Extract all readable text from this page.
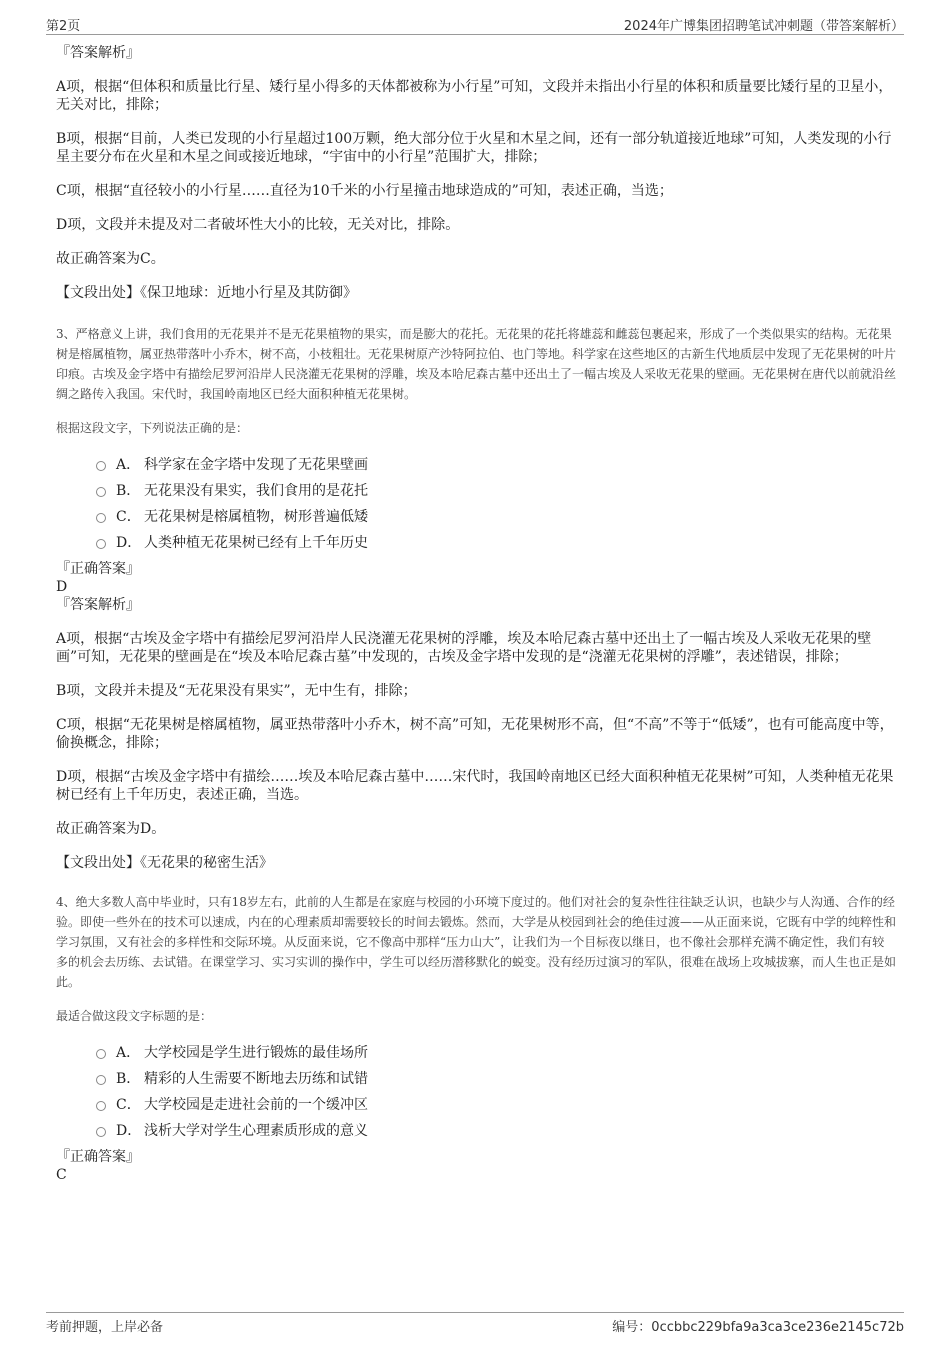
第2页	2024年广博集团招聘笔试冲刺题（带答案解析）

『答案解析』

A项，根据“但体积和质量比行星、矮行星小得多的天体都被称为小行星”可知，文段并未指出小行星的体积和质量要比矮行星的卫星小，无关对比，排除；

B项，根据“目前，人类已发现的小行星超过100万颗，绝大部分位于火星和木星之间，还有一部分轨道接近地球”可知，人类发现的小行星主要分布在火星和木星之间或接近地球，“宇宙中的小行星”范围扩大，排除；

C项，根据“直径较小的小行星……直径为10千米的小行星撞击地球造成的”可知，表述正确，当选；

D项，文段并未提及对二者破坏性大小的比较，无关对比，排除。

故正确答案为C。

【文段出处】《保卫地球：近地小行星及其防御》

3、严格意义上讲，我们食用的无花果并不是无花果植物的果实，而是膨大的花托。无花果的花托将雄蕊和雌蕊包裹起来，形成了一个类似果实的结构。无花果树是榕属植物，属亚热带落叶小乔木，树不高，小枝粗壮。无花果树原产沙特阿拉伯、也门等地。科学家在这些地区的古新生代地质层中发现了无花果树的叶片印痕。古埃及金字塔中有描绘尼罗河沿岸人民浇灌无花果树的浮雕，埃及本哈尼森古墓中还出土了一幅古埃及人采收无花果的壁画。无花果树在唐代以前就沿丝绸之路传入我国。宋代时，我国岭南地区已经大面积种植无花果树。

根据这段文字，下列说法正确的是：

A． 科学家在金字塔中发现了无花果壁画
B． 无花果没有果实，我们食用的是花托
C． 无花果树是榕属植物，树形普遍低矮
D． 人类种植无花果树已经有上千年历史

『正确答案』

D

『答案解析』

A项，根据“古埃及金字塔中有描绘尼罗河沿岸人民浇灌无花果树的浮雕，埃及本哈尼森古墓中还出土了一幅古埃及人采收无花果的壁画”可知，无花果的壁画是在“埃及本哈尼森古墓”中发现的，古埃及金字塔中发现的是“浇灌无花果树的浮雕”，表述错误，排除；

B项，文段并未提及“无花果没有果实”，无中生有，排除；

C项，根据“无花果树是榕属植物，属亚热带落叶小乔木，树不高”可知，无花果树形不高，但“不高”不等于“低矮”，也有可能高度中等，偷换概念，排除；

D项，根据“古埃及金字塔中有描绘……埃及本哈尼森古墓中……宋代时，我国岭南地区已经大面积种植无花果树”可知，人类种植无花果树已经有上千年历史，表述正确，当选。

故正确答案为D。

【文段出处】《无花果的秘密生活》

4、绝大多数人高中毕业时，只有18岁左右，此前的人生都是在家庭与校园的小环境下度过的。他们对社会的复杂性往往缺乏认识，也缺少与人沟通、合作的经验。即使一些外在的技术可以速成，内在的心理素质却需要较长的时间去锻炼。然而，大学是从校园到社会的绝佳过渡——从正面来说，它既有中学的纯粹性和学习氛围，又有社会的多样性和交际环境。从反面来说，它不像高中那样“压力山大”，让我们为一个目标夜以继日，也不像社会那样充满不确定性，我们有较多的机会去历练、去试错。在课堂学习、实习实训的操作中，学生可以经历潜移默化的蜕变。没有经历过演习的军队，很难在战场上攻城拔寨，而人生也正是如此。

最适合做这段文字标题的是：

A． 大学校园是学生进行锻炼的最佳场所
B． 精彩的人生需要不断地去历练和试错
C． 大学校园是走进社会前的一个缓冲区
D． 浅析大学对学生心理素质形成的意义

『正确答案』

C

考前押题，上岸必备	编号：0ccbbc229bfa9a3ca3ce236e2145c72b
